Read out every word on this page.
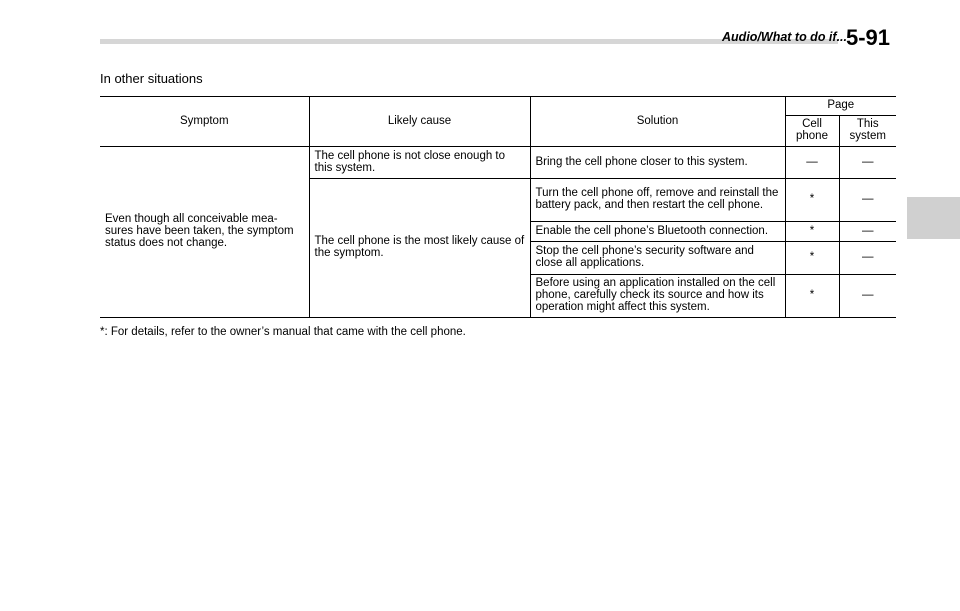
Audio/What to do if... 5-91
In other situations
Symptom	Likely cause	Solution	Page	
			Cell phone	This system
Even though all conceivable mea-sures have been taken, the symptom status does not change.	The cell phone is not close enough to this system.	Bring the cell phone closer to this system.	—	—
	The cell phone is the most likely cause of the symptom.	Turn the cell phone off, remove and reinstall the battery pack, and then restart the cell phone.	*	—
		Enable the cell phone’s Bluetooth connection.	*	—
		Stop the cell phone’s security software and close all applications.	*	—
		Before using an application installed on the cell phone, carefully check its source and how its operation might affect this system.	*	—
*: For details, refer to the owner’s manual that came with the cell phone.
